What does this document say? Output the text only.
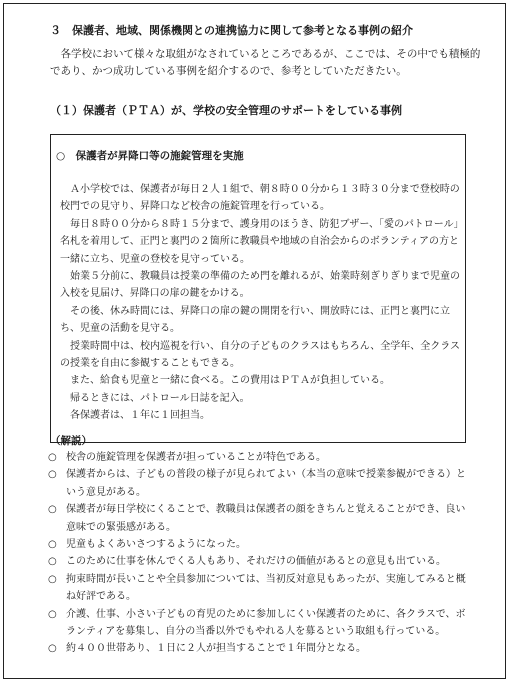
３　保護者、地域、関係機関との連携協力に関して参考となる事例の紹介
各学校において様々な取組がなされているところであるが、ここでは、その中でも積極的であり、かつ成功している事例を紹介するので、参考としていただきたい。
（１）保護者（ＰＴＡ）が、学校の安全管理のサポートをしている事例
○　保護者が昇降口等の施錠管理を実施

Ａ小学校では、保護者が毎日２人１組で、朝８時００分から１３時３０分まで登校時の校門での見守り、昇降口など校舎の施錠管理を行っている。

毎日８時００分から８時１５分まで、護身用のほうき、防犯ブザー、「愛のパトロール」名札を着用して、正門と裏門の２箇所に教職員や地域の自治会からのボランティアの方と一緒に立ち、児童の登校を見守っている。

始業５分前に、教職員は授業の準備のため門を離れるが、始業時刻ぎりぎりまで児童の入校を見届け、昇降口の扉の鍵をかける。

その後、休み時間には、昇降口の扉の鍵の開閉を行い、開放時には、正門と裏門に立ち、児童の活動を見守る。

授業時間中は、校内巡視を行い、自分の子どものクラスはもちろん、全学年、全クラスの授業を自由に参観することもできる。

また、給食も児童と一緒に食べる。この費用はＰＴＡが負担している。

帰るときには、パトロール日誌を記入。

各保護者は、１年に１回担当。

（解説）
○ 校舎の施錠管理を保護者が担っていることが特色である。
○ 保護者からは、子どもの普段の様子が見られてよい（本当の意味で授業参観ができる）という意見がある。
○ 保護者が毎日学校にくることで、教職員は保護者の顔をきちんと覚えることができ、良い意味での緊張感がある。
○ 児童もよくあいさつするようになった。
○ このために仕事を休んでくる人もあり、それだけの価値があるとの意見も出ている。
○ 拘束時間が長いことや全員参加については、当初反対意見もあったが、実施してみると概ね好評である。
○ 介護、仕事、小さい子どもの育児のために参加しにくい保護者のために、各クラスで、ボランティアを募集し、自分の当番以外でもやれる人を募るという取組も行っている。
○ 約４００世帯あり、１日に２人が担当することで１年間分となる。
